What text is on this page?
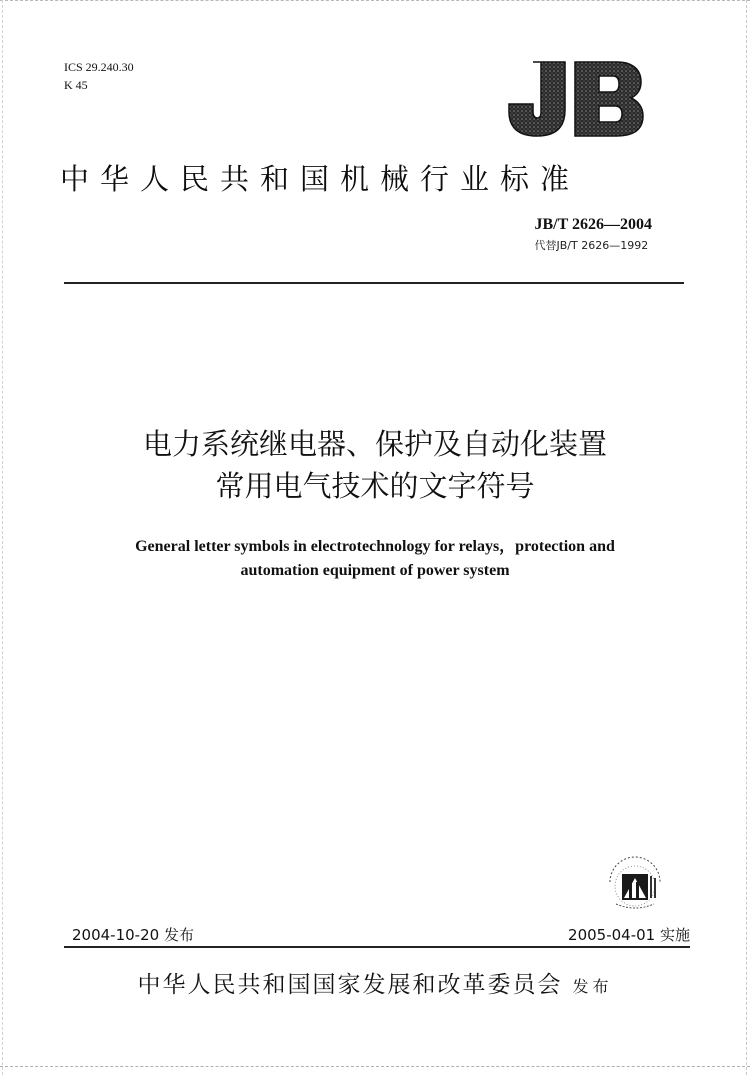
ICS 29.240.30
K 45
中华人民共和国机械行业标准
JB/T 2626—2004
代替JB/T 2626—1992
电力系统继电器、保护及自动化装置
常用电气技术的文字符号
General letter symbols in electrotechnology for relays，protection and
automation equipment of power system
2004-10-20 发布	2005-04-01 实施
中华人民共和国国家发展和改革委员会 发布
